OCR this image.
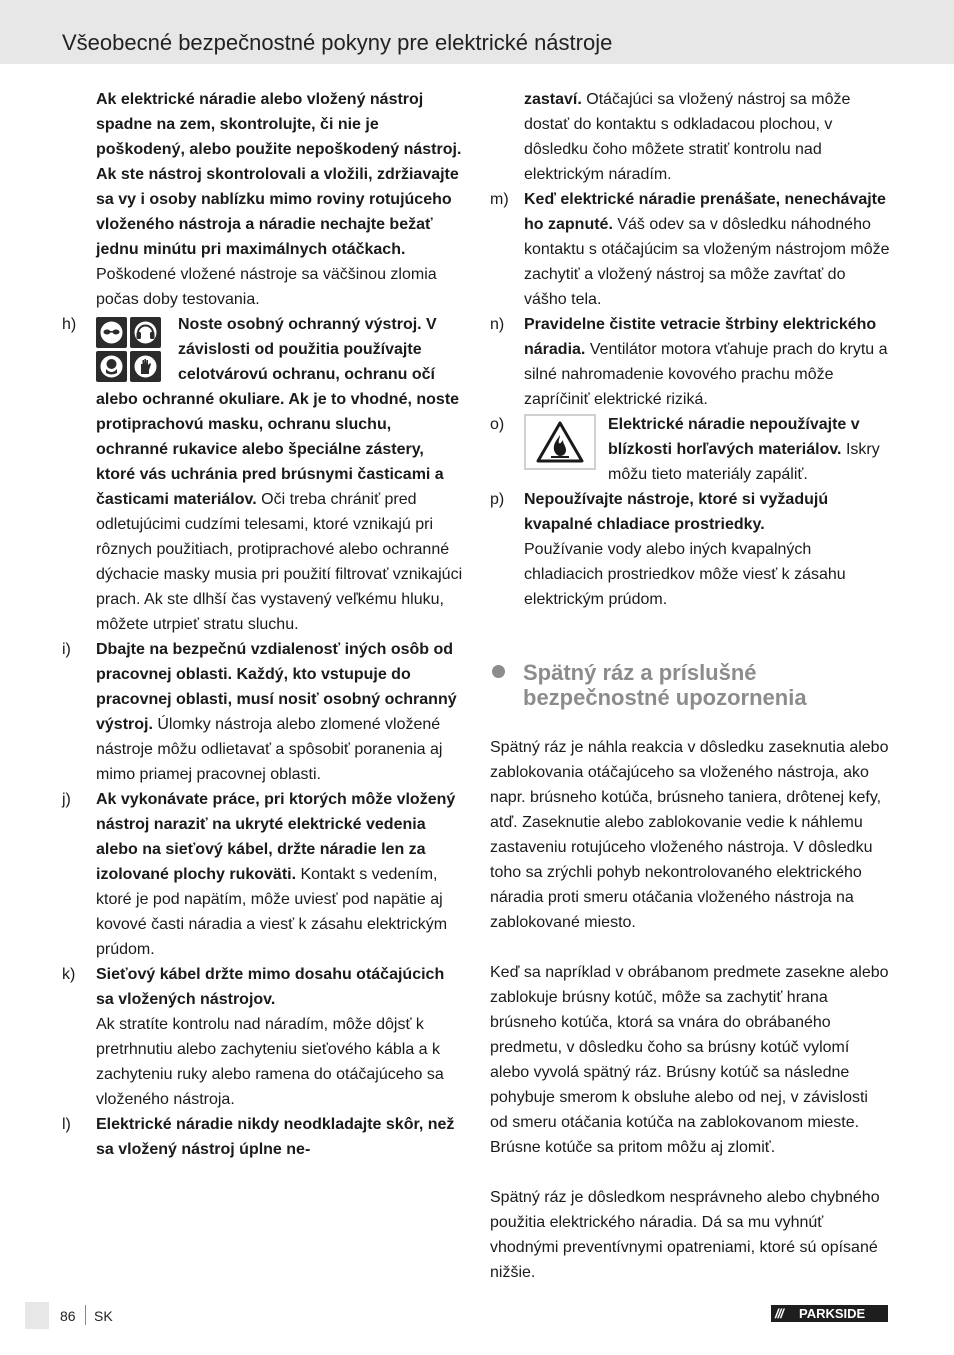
Všeobecné bezpečnostné pokyny pre elektrické nástroje
Ak elektrické náradie alebo vložený nástroj spadne na zem, skontrolujte, či nie je poškodený, alebo použite nepoškodený nástroj. Ak ste nástroj skontrolovali a vložili, zdržiavajte sa vy i osoby nablízku mimo roviny rotujúceho vloženého nástroja a náradie nechajte bežať jednu minútu pri maximálnych otáčkach. Poškodené vložené nástroje sa väčšinou zlomia počas doby testovania.
h)	Noste osobný ochranný výstroj. V závislosti od použitia používajte celotvárovú ochranu, ochranu očí alebo ochranné okuliare. Ak je to vhodné, noste protiprachovú masku, ochranu sluchu, ochranné rukavice alebo špeciálne zástery, ktoré vás uchránia pred brúsnymi časticami a časticami materiálov. Oči treba chrániť pred odletujúcimi cudzími telesami, ktoré vznikajú pri rôznych použitiach, protiprachové alebo ochranné dýchacie masky musia pri použití filtrovať vznikajúci prach. Ak ste dlhší čas vystavený veľkému hluku, môžete utrpieť stratu sluchu.
i) Dbajte na bezpečnú vzdialenosť iných osôb od pracovnej oblasti. Každý, kto vstupuje do pracovnej oblasti, musí nosiť osobný ochranný výstroj. Úlomky nástroja alebo zlomené vložené nástroje môžu odlietavať a spôsobiť poranenia aj mimo priamej pracovnej oblasti.
j) Ak vykonávate práce, pri ktorých môže vložený nástroj naraziť na ukryté elektrické vedenia alebo na sieťový kábel, držte náradie len za izolované plochy rukoväti. Kontakt s vedením, ktoré je pod napätím, môže uviesť pod napätie aj kovové časti náradia a viesť k zásahu elektrickým prúdom.
k) Sieťový kábel držte mimo dosahu otáčajúcich sa vložených nástrojov.
Ak stratíte kontrolu nad náradím, môže dôjsť k pretrhnutiu alebo zachyteniu sieťového kábla a k zachyteniu ruky alebo ramena do otáčajúceho sa vloženého nástroja.
l) Elektrické náradie nikdy neodkladajte skôr, než sa vložený nástroj úplne ne-
zastaví. Otáčajúci sa vložený nástroj sa môže dostať do kontaktu s odkladacou plochou, v dôsledku čoho môžete stratiť kontrolu nad elektrickým náradím.
m) Keď elektrické náradie prenášate, nenechávajte ho zapnuté. Váš odev sa v dôsledku náhodného kontaktu s otáčajúcim sa vloženým nástrojom môže zachytiť a vložený nástroj sa môže zavŕtať do vášho tela.
n) Pravidelne čistite vetracie štrbiny elektrického náradia. Ventilátor motora vťahuje prach do krytu a silné nahromadenie kovového prachu môže zapríčiniť elektrické riziká.
o)	Elektrické náradie nepoužívajte v blízkosti horľavých materiálov. Iskry môžu tieto materiály zapáliť.
p) Nepoužívajte nástroje, ktoré si vyžadujú kvapalné chladiace prostriedky.
Používanie vody alebo iných kvapalných chladiacich prostriedkov môže viesť k zásahu elektrickým prúdom.
Spätný ráz a príslušné bezpečnostné upozornenia
Spätný ráz je náhla reakcia v dôsledku zaseknutia alebo zablokovania otáčajúceho sa vloženého nástroja, ako napr. brúsneho kotúča, brúsneho taniera, drôtenej kefy, atď. Zaseknutie alebo zablokovanie vedie k náhlemu zastaveniu rotujúceho vloženého nástroja. V dôsledku toho sa zrýchli pohyb nekontrolovaného elektrického náradia proti smeru otáčania vloženého nástroja na zablokované miesto.
Keď sa napríklad v obrábanom predmete zasekne alebo zablokuje brúsny kotúč, môže sa zachytiť hrana brúsneho kotúča, ktorá sa vnára do obrábaného predmetu, v dôsledku čoho sa brúsny kotúč vylomí alebo vyvolá spätný ráz. Brúsny kotúč sa následne pohybuje smerom k obsluhe alebo od nej, v závislosti od smeru otáčania kotúča na zablokovanom mieste. Brúsne kotúče sa pritom môžu aj zlomiť.
Spätný ráz je dôsledkom nesprávneho alebo chybného použitia elektrického náradia. Dá sa mu vyhnúť vhodnými preventívnymi opatreniami, ktoré sú opísané nižšie.
86 SK	///	PARKSIDE
